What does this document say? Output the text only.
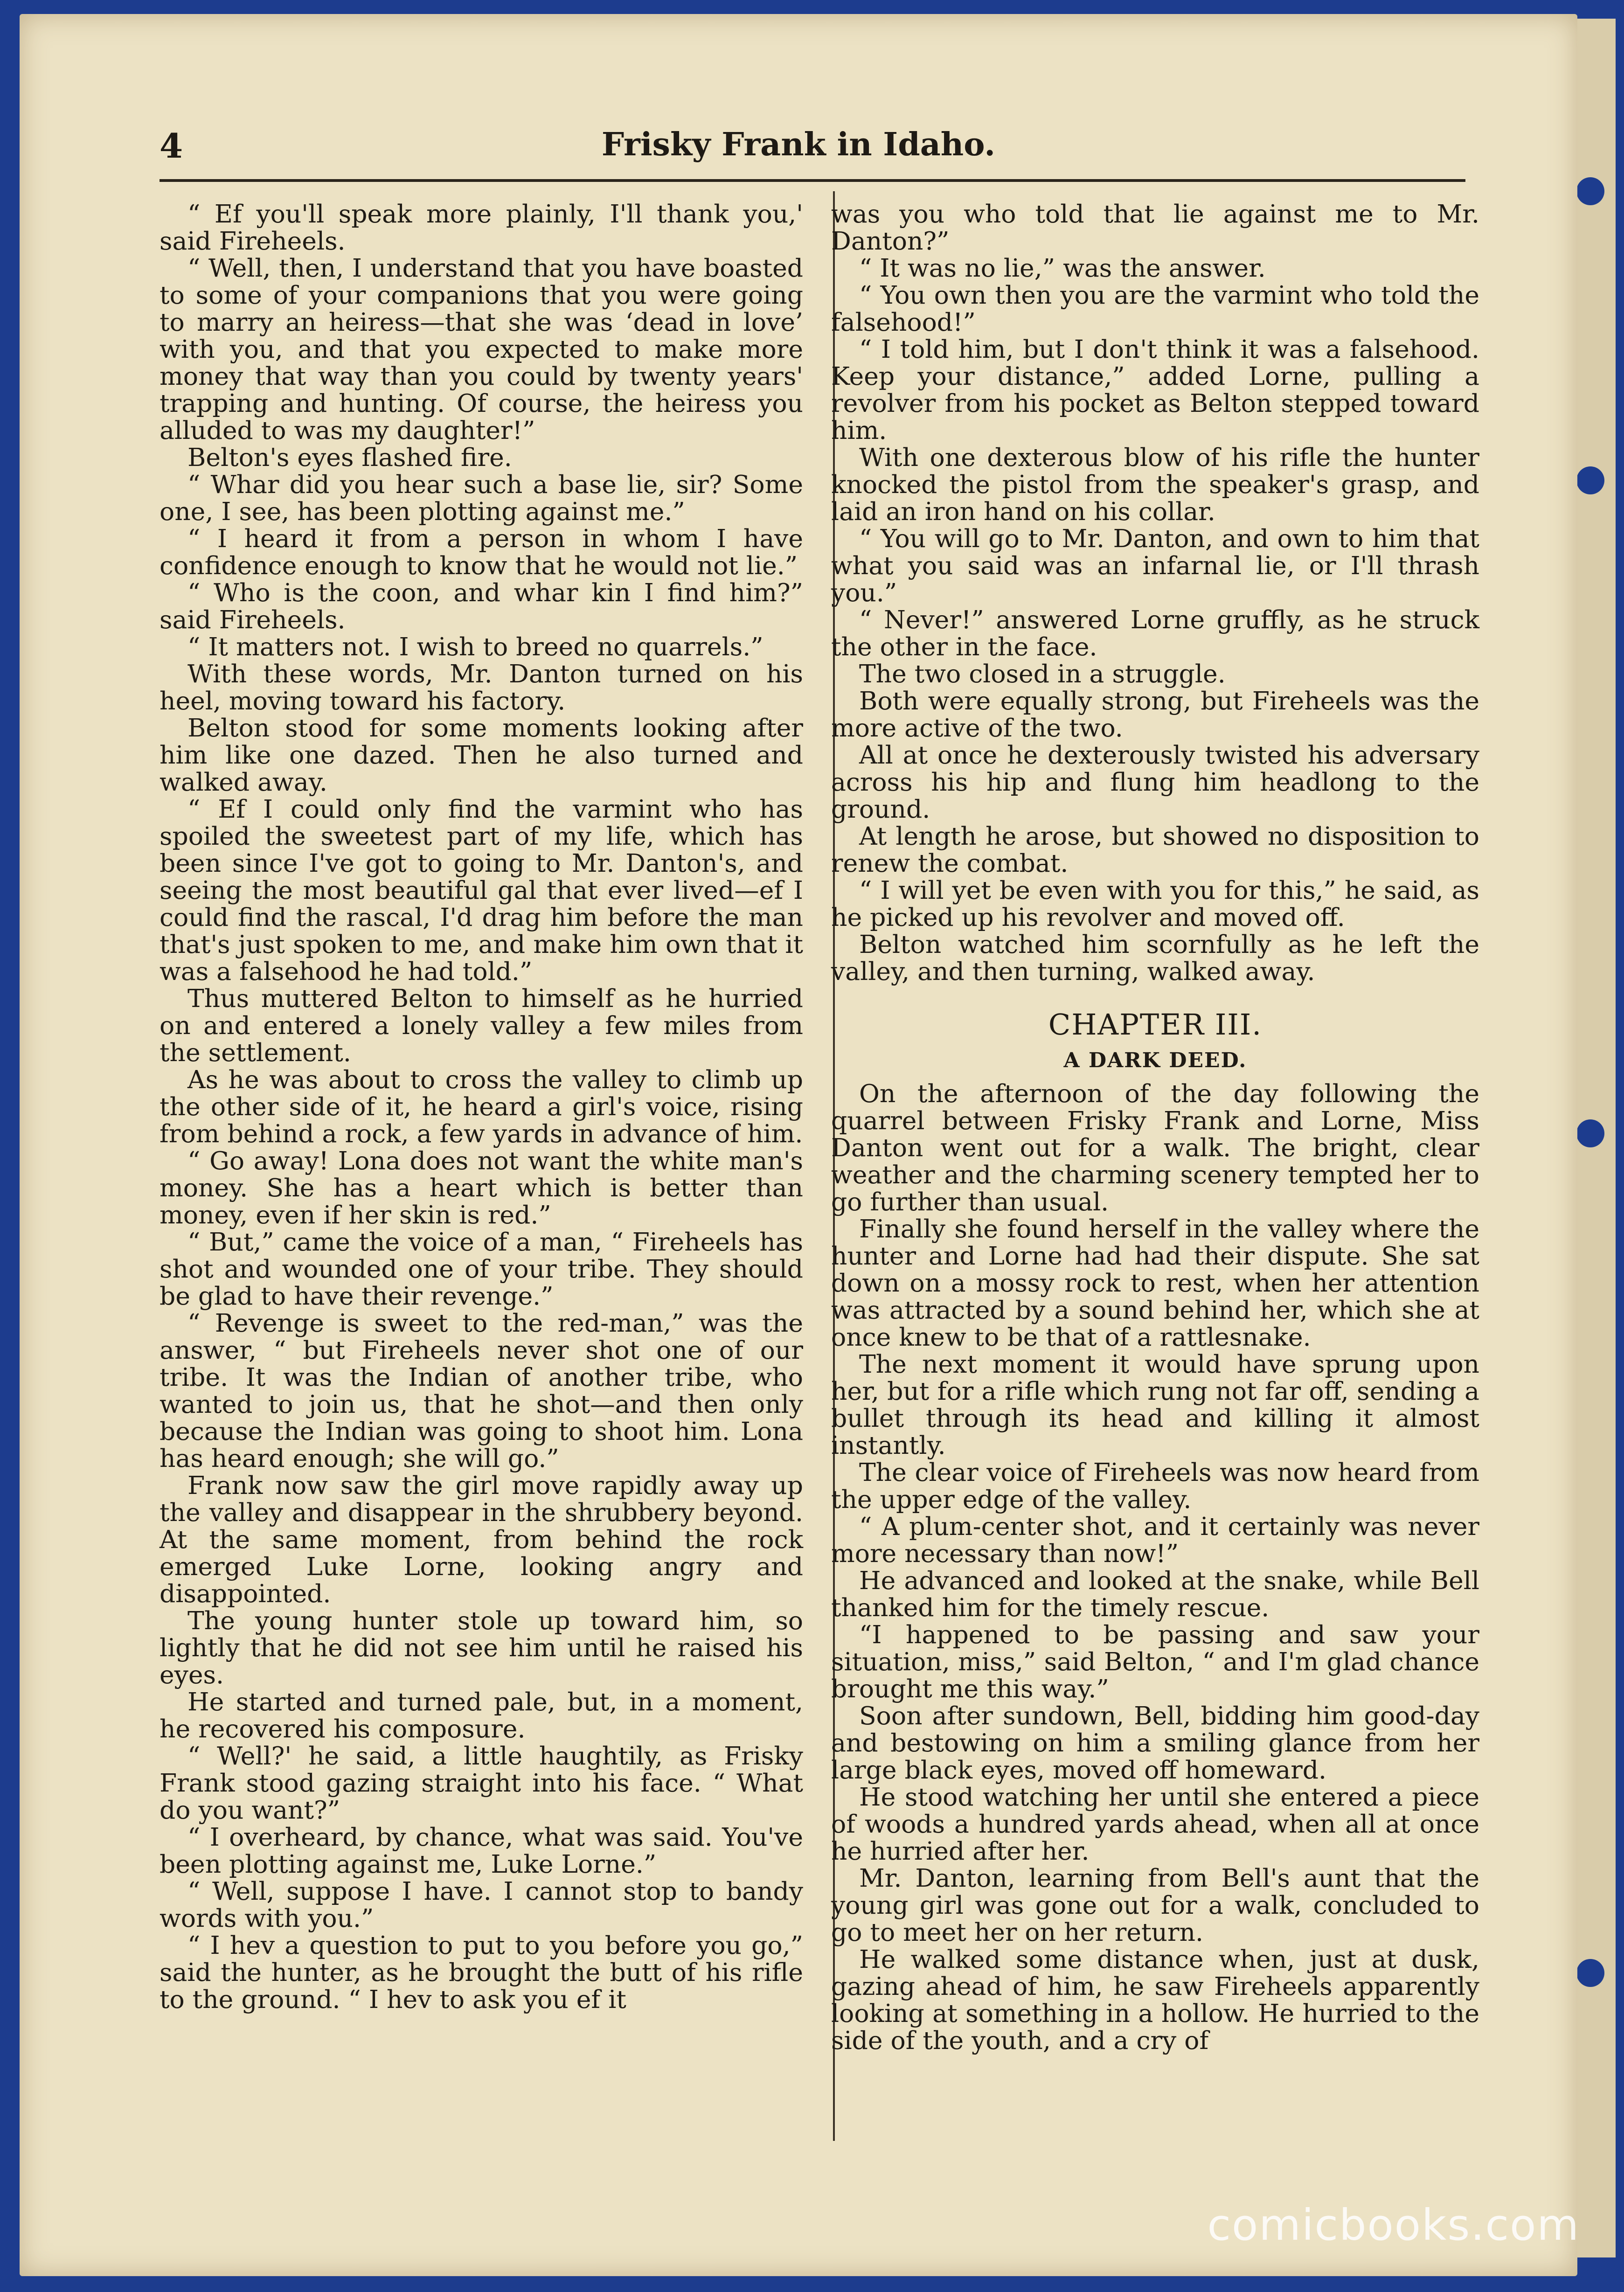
Frisky Frank in Idaho.
4

“ Ef you'll speak more plainly, I'll thank you,' said Fireheels.

“ Well, then, I understand that you have boasted to some of your companions that you were going to marry an heiress—that she was ‘dead in love’ with you, and that you expected to make more money that way than you could by twenty years' trapping and hunting. Of course, the heiress you alluded to was my daughter!”

Belton's eyes flashed fire.

“ Whar did you hear such a base lie, sir? Some one, I see, has been plotting against me.”

“ I heard it from a person in whom I have confidence enough to know that he would not lie.”

“ Who is the coon, and whar kin I find him?” said Fireheels.

“ It matters not. I wish to breed no quarrels.”

With these words, Mr. Danton turned on his heel, moving toward his factory.

Belton stood for some moments looking after him like one dazed. Then he also turned and walked away.

“ Ef I could only find the varmint who has spoiled the sweetest part of my life, which has been since I've got to going to Mr. Danton's, and seeing the most beautiful gal that ever lived—ef I could find the rascal, I'd drag him before the man that's just spoken to me, and make him own that it was a falsehood he had told.”

Thus muttered Belton to himself as he hurried on and entered a lonely valley a few miles from the settlement.

As he was about to cross the valley to climb up the other side of it, he heard a girl's voice, rising from behind a rock, a few yards in advance of him.

“ Go away! Lona does not want the white man's money. She has a heart which is better than money, even if her skin is red.”

“ But,” came the voice of a man, “ Fireheels has shot and wounded one of your tribe. They should be glad to have their revenge.”

“ Revenge is sweet to the red-man,” was the answer, “ but Fireheels never shot one of our tribe. It was the Indian of another tribe, who wanted to join us, that he shot—and then only because the Indian was going to shoot him. Lona has heard enough; she will go.”

Frank now saw the girl move rapidly away up the valley and disappear in the shrubbery beyond. At the same moment, from behind the rock emerged Luke Lorne, looking angry and disappointed.

The young hunter stole up toward him, so lightly that he did not see him until he raised his eyes.

He started and turned pale, but, in a moment, he recovered his composure.

“ Well?' he said, a little haughtily, as Frisky Frank stood gazing straight into his face. “ What do you want?”

“ I overheard, by chance, what was said. You've been plotting against me, Luke Lorne.”

“ Well, suppose I have. I cannot stop to bandy words with you.”

“ I hev a question to put to you before you go,” said the hunter, as he brought the butt of his rifle to the ground. “ I hev to ask you ef it

was you who told that lie against me to Mr. Danton?”

“ It was no lie,” was the answer.

“ You own then you are the varmint who told the falsehood!”

“ I told him, but I don't think it was a falsehood. Keep your distance,” added Lorne, pulling a revolver from his pocket as Belton stepped toward him.

With one dexterous blow of his rifle the hunter knocked the pistol from the speaker's grasp, and laid an iron hand on his collar.

“ You will go to Mr. Danton, and own to him that what you said was an infarnal lie, or I'll thrash you.”

“ Never!” answered Lorne gruffly, as he struck the other in the face.

The two closed in a struggle.

Both were equally strong, but Fireheels was the more active of the two.

All at once he dexterously twisted his adversary across his hip and flung him headlong to the ground.

At length he arose, but showed no disposition to renew the combat.

“ I will yet be even with you for this,” he said, as he picked up his revolver and moved off.

Belton watched him scornfully as he left the valley, and then turning, walked away.

CHAPTER III.
A DARK DEED.

On the afternoon of the day following the quarrel between Frisky Frank and Lorne, Miss Danton went out for a walk. The bright, clear weather and the charming scenery tempted her to go further than usual.

Finally she found herself in the valley where the hunter and Lorne had had their dispute. She sat down on a mossy rock to rest, when her attention was attracted by a sound behind her, which she at once knew to be that of a rattlesnake.

The next moment it would have sprung upon her, but for a rifle which rung not far off, sending a bullet through its head and killing it almost instantly.

The clear voice of Fireheels was now heard from the upper edge of the valley.

“ A plum-center shot, and it certainly was never more necessary than now!”

He advanced and looked at the snake, while Bell thanked him for the timely rescue.

“I happened to be passing and saw your situation, miss,” said Belton, “ and I'm glad chance brought me this way.”

Soon after sundown, Bell, bidding him good-day and bestowing on him a smiling glance from her large black eyes, moved off homeward.

He stood watching her until she entered a piece of woods a hundred yards ahead, when all at once he hurried after her.

Mr. Danton, learning from Bell's aunt that the young girl was gone out for a walk, concluded to go to meet her on her return.

He walked some distance when, just at dusk, gazing ahead of him, he saw Fireheels apparently looking at something in a hollow. He hurried to the side of the youth, and a cry of

comicbooks.com
